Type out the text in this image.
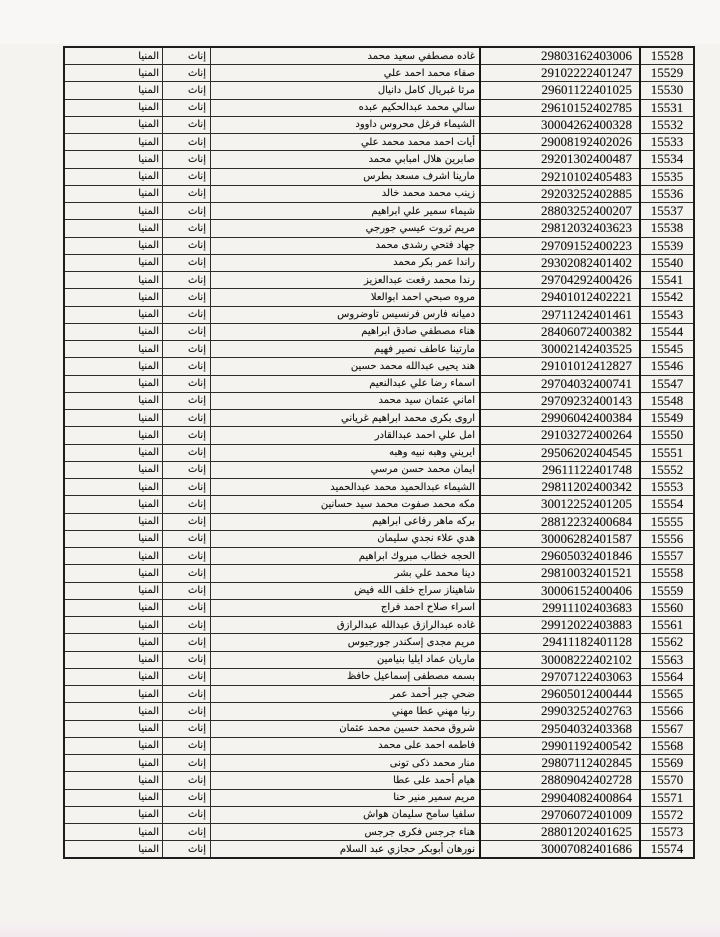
15528	29803162403006	غاده مصطفي سعيد محمد	إناث	المنيا
15529	29102222401247	صفاء محمد احمد علي	إناث	المنيا
15530	29601122401025	مرثا غبريال كامل دانيال	إناث	المنيا
15531	29610152402785	سالي محمد عبدالحكيم عبده	إناث	المنيا
15532	30004262400328	الشيماء فرغل محروس داوود	إناث	المنيا
15533	29008192402026	أيات احمد محمد محمد علي	إناث	المنيا
15534	29201302400487	صابرين هلال امبابي محمد	إناث	المنيا
15535	29210102405483	مارينا اشرف مسعد بطرس	إناث	المنيا
15536	29203252402885	زينب محمد محمد خالد	إناث	المنيا
15537	28803252400207	شيماء سمير علي ابراهيم	إناث	المنيا
15538	29812032403623	مريم ثروت عيسي جورجي	إناث	المنيا
15539	29709152400223	جهاد فتحي رشدى محمد	إناث	المنيا
15540	29302082401402	راندا عمر بكر محمد	إناث	المنيا
15541	29704292400426	رندا محمد رفعت عبدالعزيز	إناث	المنيا
15542	29401012402221	مروه صبحي احمد ابوالعلا	إناث	المنيا
15543	29711242401461	دميانه فارس فرنسيس تاوضروس	إناث	المنيا
15544	28406072400382	هناء مصطفي صادق ابراهيم	إناث	المنيا
15545	30002142403525	مارتينا عاطف نصير فهيم	إناث	المنيا
15546	29101012412827	هند يحيى عبدالله محمد حسين	إناث	المنيا
15547	29704032400741	اسماء رضا علي عبدالنعيم	إناث	المنيا
15548	29709232400143	اماني عثمان سيد محمد	إناث	المنيا
15549	29906042400384	اروى بكرى محمد ابراهيم غرياني	إناث	المنيا
15550	29103272400264	امل علي احمد عبدالقادر	إناث	المنيا
15551	29506202404545	ايريني وهبه نبيه وهبه	إناث	المنيا
15552	29611122401748	ايمان محمد حسن مرسي	إناث	المنيا
15553	29811202400342	الشيماء عبدالحميد محمد عبدالحميد	إناث	المنيا
15554	30012252401205	مكه محمد صفوت محمد سيد حسانين	إناث	المنيا
15555	28812232400684	بركه ماهر رفاعى ابراهيم	إناث	المنيا
15556	30006282401587	هدي علاء نجدي سليمان	إناث	المنيا
15557	29605032401846	الحجه خطاب مبروك ابراهيم	إناث	المنيا
15558	29810032401521	دينا محمد علي بشر	إناث	المنيا
15559	30006152400406	شاهيناز سراج خلف الله فيض	إناث	المنيا
15560	29911102403683	اسراء صلاح احمد فراج	إناث	المنيا
15561	29912022403883	غاده عبدالرازق عبدالله عبدالرازق	إناث	المنيا
15562	29411182401128	مريم مجدى إسكندر جورجيوس	إناث	المنيا
15563	30008222402102	ماريان عماد ايليا بنيامين	إناث	المنيا
15564	29707122403063	بسمه مصطفى إسماعيل حافظ	إناث	المنيا
15565	29605012400444	ضحي جبر أحمد عمر	إناث	المنيا
15566	29903252402763	رنيا مهني عطا مهني	إناث	المنيا
15567	29504032403368	شروق محمد حسين محمد عثمان	إناث	المنيا
15568	29901192400542	فاطمه احمد على محمد	إناث	المنيا
15569	29807112402845	منار محمد ذكى تونى	إناث	المنيا
15570	28809042402728	هيام أحمد على عطا	إناث	المنيا
15571	29904082400864	مريم سمير منير حنا	إناث	المنيا
15572	29706072401009	سلفيا سامح سليمان هواش	إناث	المنيا
15573	28801202401625	هناء جرجس فكرى جرجس	إناث	المنيا
15574	30007082401686	نورهان أبوبكر حجازي عبد السلام	إناث	المنيا
